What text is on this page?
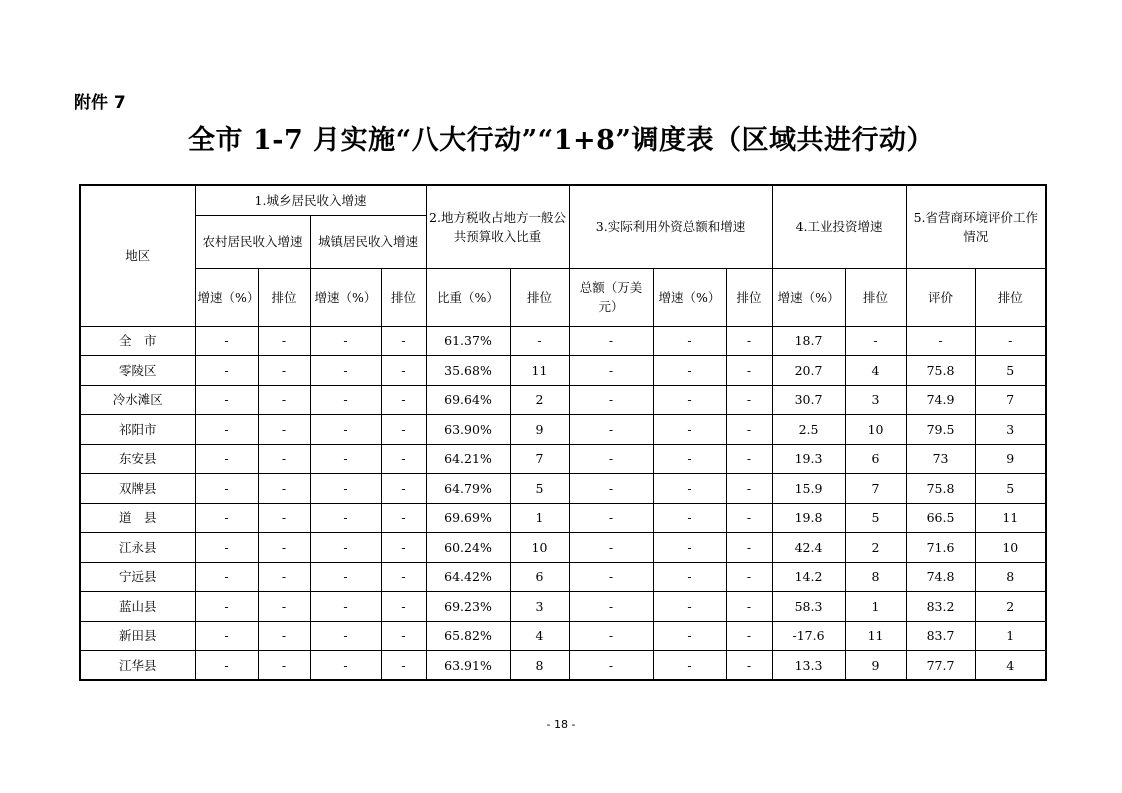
附件 7
全市 1-7 月实施“八大行动”“1+8”调度表（区域共进行动）
地区	1.城乡居民收入增速				2.地方税收占地方一般公共预算收入比重		3.实际利用外资总额和增速			4.工业投资增速		5.省营商环境评价工作情况	
	农村居民收入增速		城镇居民收入增速										
	增速（%）	排位	增速（%）	排位	比重（%）	排位	总额（万美元）	增速（%）	排位	增速（%）	排位	评价	排位
全　市	-	-	-	-	61.37%	-	-	-	-	18.7	-	-	-
零陵区	-	-	-	-	35.68%	11	-	-	-	20.7	4	75.8	5
冷水滩区	-	-	-	-	69.64%	2	-	-	-	30.7	3	74.9	7
祁阳市	-	-	-	-	63.90%	9	-	-	-	2.5	10	79.5	3
东安县	-	-	-	-	64.21%	7	-	-	-	19.3	6	73	9
双牌县	-	-	-	-	64.79%	5	-	-	-	15.9	7	75.8	5
道　县	-	-	-	-	69.69%	1	-	-	-	19.8	5	66.5	11
江永县	-	-	-	-	60.24%	10	-	-	-	42.4	2	71.6	10
宁远县	-	-	-	-	64.42%	6	-	-	-	14.2	8	74.8	8
蓝山县	-	-	-	-	69.23%	3	-	-	-	58.3	1	83.2	2
新田县	-	-	-	-	65.82%	4	-	-	-	-17.6	11	83.7	1
江华县	-	-	-	-	63.91%	8	-	-	-	13.3	9	77.7	4
- 18 -
